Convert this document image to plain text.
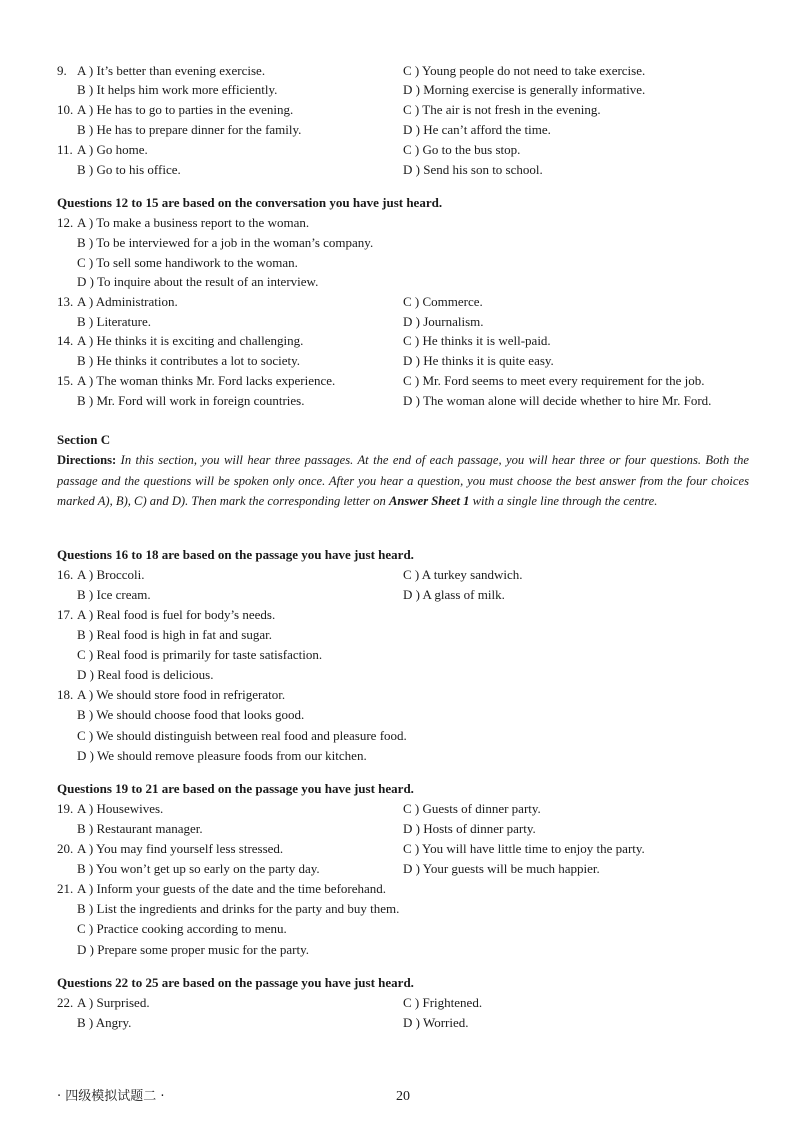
9. A ) It’s better than evening exercise.	C ) Young people do not need to take exercise.
B ) It helps him work more efficiently.	D ) Morning exercise is generally informative.
10. A ) He has to go to parties in the evening.	C ) The air is not fresh in the evening.
B ) He has to prepare dinner for the family.	D ) He can’t afford the time.
11. A ) Go home.	C ) Go to the bus stop.
B ) Go to his office.	D ) Send his son to school.
Questions 12 to 15 are based on the conversation you have just heard.
12. A ) To make a business report to the woman.
B ) To be interviewed for a job in the woman’s company.
C ) To sell some handiwork to the woman.
D ) To inquire about the result of an interview.
13. A ) Administration.	C ) Commerce.
B ) Literature.	D ) Journalism.
14. A ) He thinks it is exciting and challenging.	C ) He thinks it is well-paid.
B ) He thinks it contributes a lot to society.	D ) He thinks it is quite easy.
15. A ) The woman thinks Mr. Ford lacks experience.	C ) Mr. Ford seems to meet every requirement for the job.
B ) Mr. Ford will work in foreign countries.	D ) The woman alone will decide whether to hire Mr. Ford.
Section C
Directions: In this section, you will hear three passages. At the end of each passage, you will hear three or four questions. Both the passage and the questions will be spoken only once. After you hear a question, you must choose the best answer from the four choices marked A), B), C) and D). Then mark the corresponding letter on Answer Sheet 1 with a single line through the centre.
Questions 16 to 18 are based on the passage you have just heard.
16. A ) Broccoli.	C ) A turkey sandwich.
B ) Ice cream.	D ) A glass of milk.
17. A ) Real food is fuel for body’s needs.
B ) Real food is high in fat and sugar.
C ) Real food is primarily for taste satisfaction.
D ) Real food is delicious.
18. A ) We should store food in refrigerator.
B ) We should choose food that looks good.
C ) We should distinguish between real food and pleasure food.
D ) We should remove pleasure foods from our kitchen.
Questions 19 to 21 are based on the passage you have just heard.
19. A ) Housewives.	C ) Guests of dinner party.
B ) Restaurant manager.	D ) Hosts of dinner party.
20. A ) You may find yourself less stressed.	C ) You will have little time to enjoy the party.
B ) You won’t get up so early on the party day.	D ) Your guests will be much happier.
21. A ) Inform your guests of the date and the time beforehand.
B ) List the ingredients and drinks for the party and buy them.
C ) Practice cooking according to menu.
D ) Prepare some proper music for the party.
Questions 22 to 25 are based on the passage you have just heard.
22. A ) Surprised.	C ) Frightened.
B ) Angry.	D ) Worried.
· 四级模拟试题二 ·	20
